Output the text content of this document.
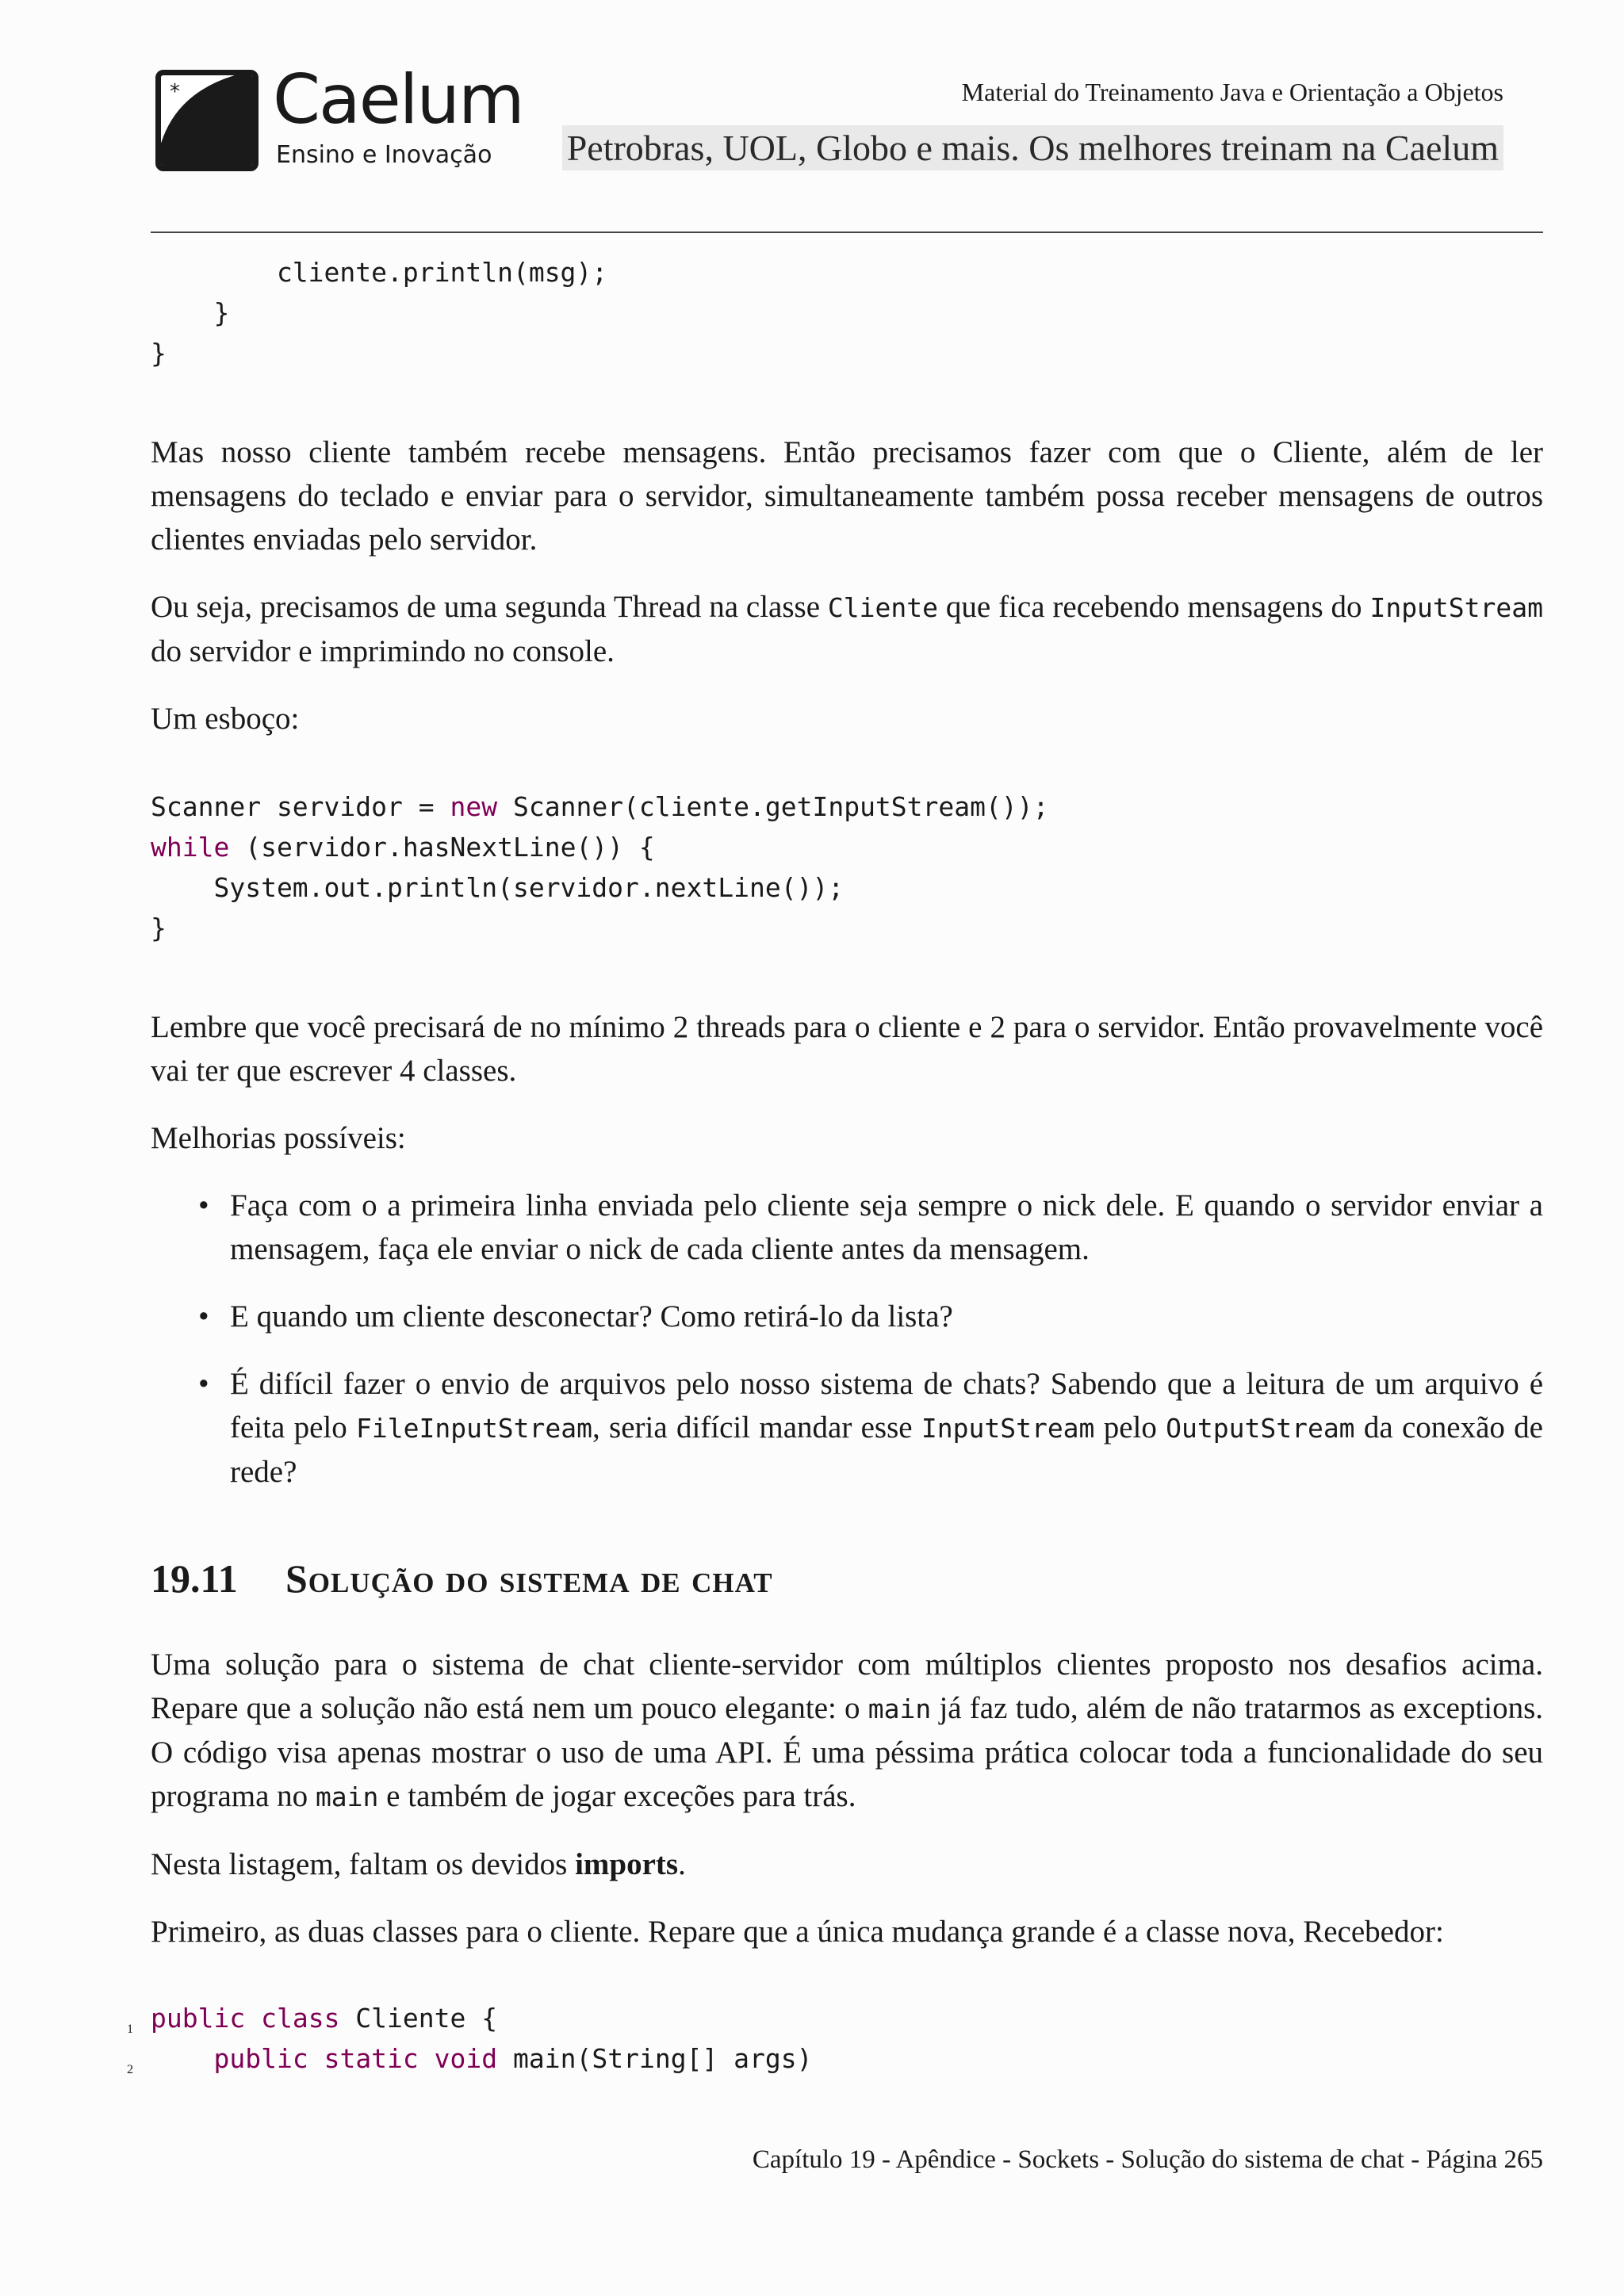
* Caelum
Ensino e Inovação
Material do Treinamento Java e Orientação a Objetos
Petrobras, UOL, Globo e mais. Os melhores treinam na Caelum
cliente.println(msg);
}
}

Mas nosso cliente também recebe mensagens. Então precisamos fazer com que o Cliente, além de ler mensagens do teclado e enviar para o servidor, simultaneamente também possa receber mensagens de outros clientes enviadas pelo servidor.

Ou seja, precisamos de uma segunda Thread na classe Cliente que fica recebendo mensagens do InputStream do servidor e imprimindo no console.

Um esboço:

Scanner servidor = new Scanner(cliente.getInputStream());
while (servidor.hasNextLine()) {
System.out.println(servidor.nextLine());
}

Lembre que você precisará de no mínimo 2 threads para o cliente e 2 para o servidor. Então provavelmente você vai ter que escrever 4 classes.

Melhorias possíveis:

• Faça com o a primeira linha enviada pelo cliente seja sempre o nick dele. E quando o servidor enviar a mensagem, faça ele enviar o nick de cada cliente antes da mensagem.
• E quando um cliente desconectar? Como retirá-lo da lista?
• É difícil fazer o envio de arquivos pelo nosso sistema de chats? Sabendo que a leitura de um arquivo é feita pelo FileInputStream, seria difícil mandar esse InputStream pelo OutputStream da conexão de rede?
19.11 Solução do sistema de chat

Uma solução para o sistema de chat cliente-servidor com múltiplos clientes proposto nos desafios acima. Repare que a solução não está nem um pouco elegante: o main já faz tudo, além de não tratarmos as exceptions. O código visa apenas mostrar o uso de uma API. É uma péssima prática colocar toda a funcionalidade do seu programa no main e também de jogar exceções para trás.

Nesta listagem, faltam os devidos imports.

Primeiro, as duas classes para o cliente. Repare que a única mudança grande é a classe nova, Recebedor:

1 public class Cliente {
2	public static void main(String[] args)
Capítulo 19 - Apêndice - Sockets - Solução do sistema de chat - Página 265
